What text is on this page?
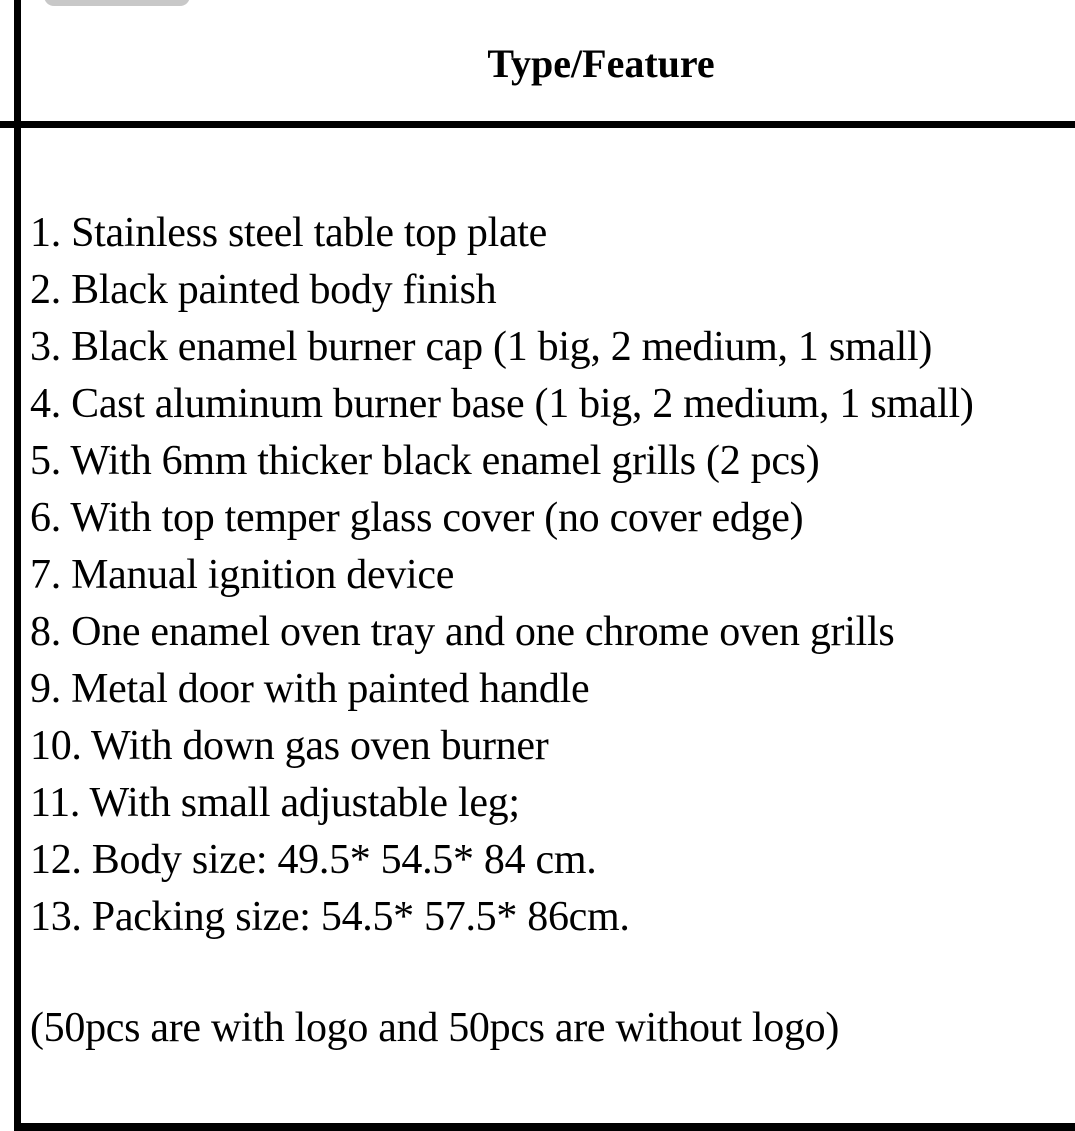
Type/Feature
1. Stainless steel table top plate
2. Black painted body finish
3. Black enamel burner cap (1 big, 2 medium, 1 small)
4. Cast aluminum burner base (1 big, 2 medium, 1 small)
5. With 6mm thicker black enamel grills (2 pcs)
6. With top temper glass cover (no cover edge)
7. Manual ignition device
8. One enamel oven tray and one chrome oven grills
9. Metal door with painted handle
10. With down gas oven burner
11. With small adjustable leg;
12. Body size: 49.5* 54.5* 84 cm.
13. Packing size: 54.5* 57.5* 86cm.
(50pcs are with logo and 50pcs are without logo)
